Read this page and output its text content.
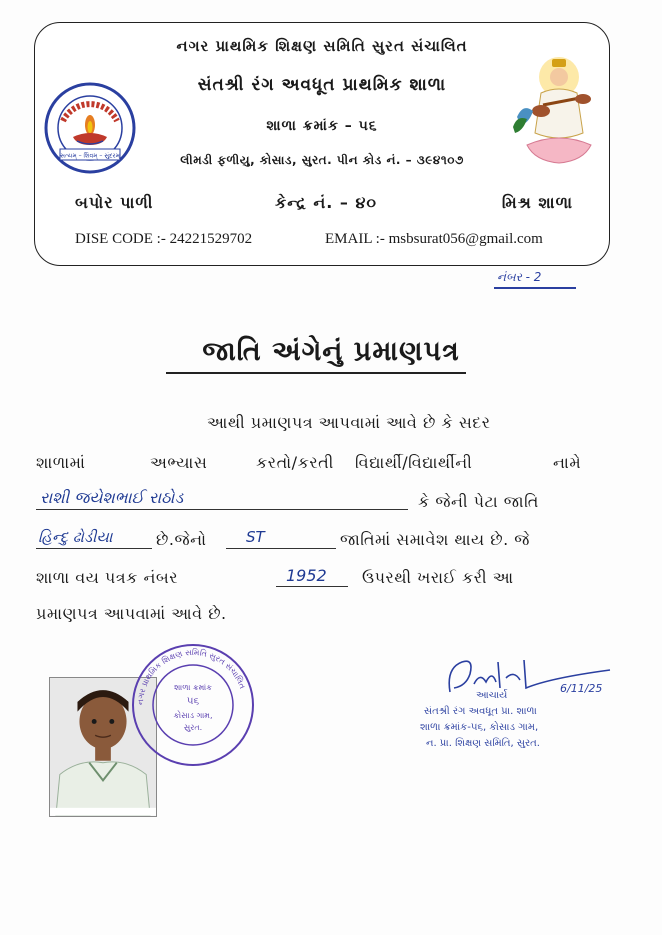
નગર પ્રાથમિક શિક્ષણ સમિતિ સુરત સંચાલિત
સંતશ્રી રંગ અવધૂત પ્રાથમિક શાળા
શાળા ક્રમાંક – ૫૬
લીમડી ફળીયુ, કોસાડ, સુરત. પીન કોડ નં. – ૩૯૪૧૦૭
બપોર પાળી	કેન્દ્ર નં. – ૪૦	મિશ્ર શાળા
DISE CODE :- 24221529702	EMAIL :- msbsurat056@gmail.com
સત્યમ્ – શિવમ્ – સુંદરમ્
નંબર - 2
જાતિ અંગેનું પ્રમાણપત્ર
આથી પ્રમાણપત્ર આપવામાં આવે છે કે સદર
શાળામાં	અભ્યાસ	કરતો/કરતી વિદ્યાર્થી/વિદ્યાર્થીની	નામે
રાશી જયેશભાઈ રાઠોડ	કે જેની પેટા જાતિ
હિન્દુ ઢોડીયા	છે.જેનો	ST	જાતિમાં સમાવેશ થાય છે. જે
શાળા વય પત્રક નંબર	1952 ઉપરથી ખરાઈ કરી આ
પ્રમાણપત્ર આપવામાં આવે છે.
નગર પ્રાથમિક શિક્ષણ સમિતિ સુરત સંચાલિત
શાળા ક્રમાંક
૫૬
કોસાડ ગામ,
સુરત.
6/11/25
Patel
આચાર્ય
સંતશ્રી રંગ અવધૂત પ્રા. શાળા
શાળા ક્રમાંક-૫૬, કોસાડ ગામ,
ન. પ્રા. શિક્ષણ સમિતિ, સુરત.
